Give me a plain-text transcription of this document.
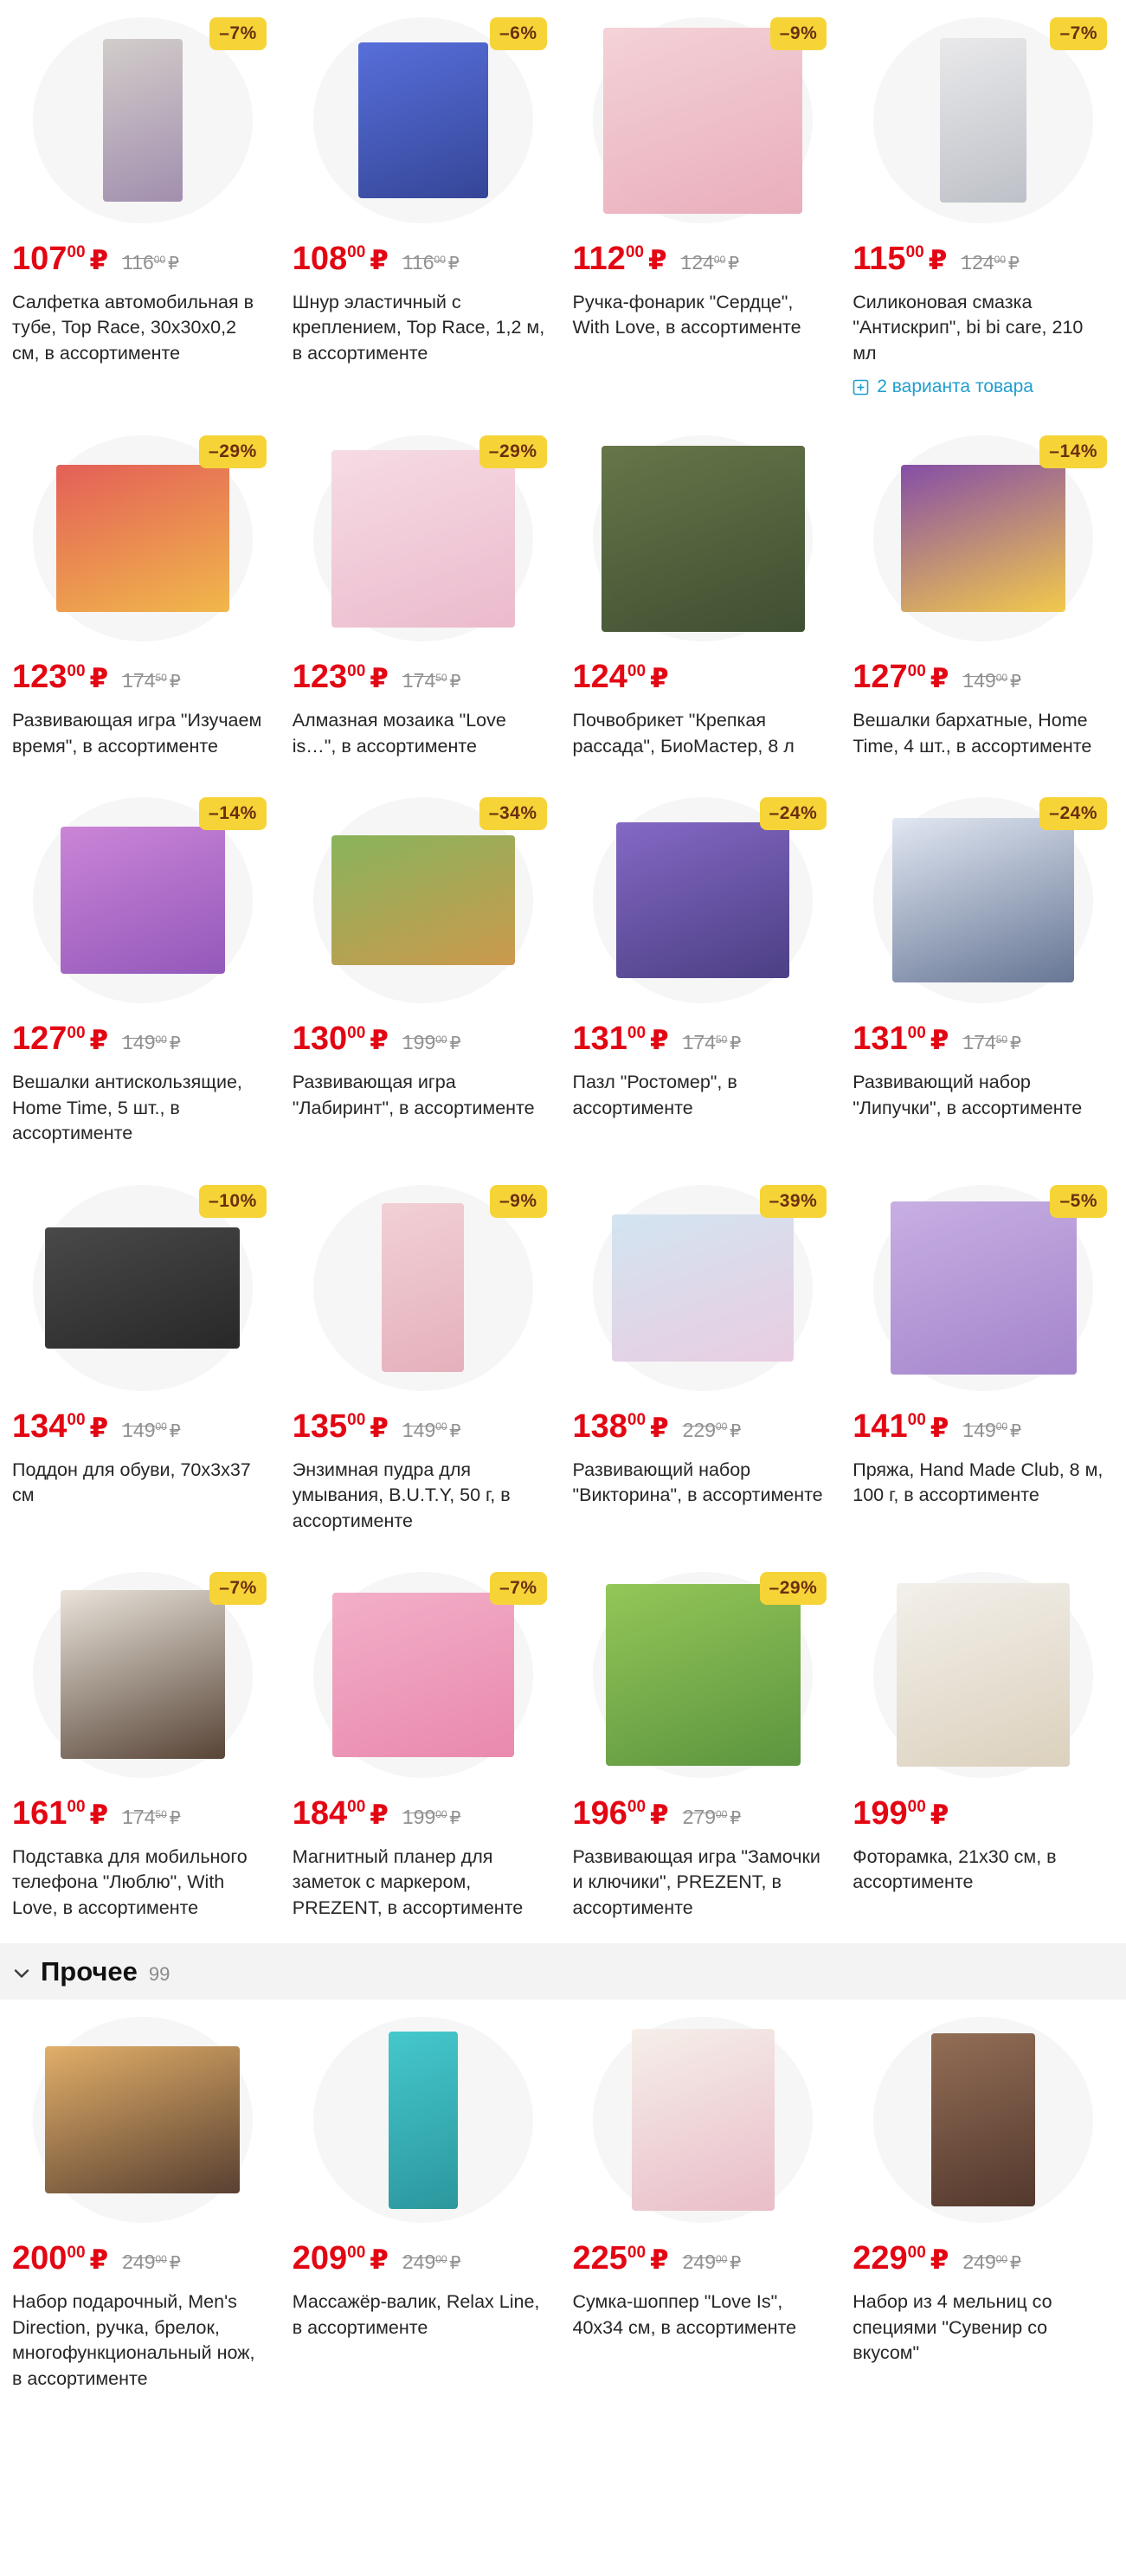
–7%
10700 ₽ $116^{00}$ ₽

Салфетка автомобильная в тубе, Top Race, 30x30x0,2 см, в ассортименте

–6%
10800 ₽ $116^{00}$ ₽

Шнур эластичный с креплением, Top Race, 1,2 м, в ассортименте

–9%
11200 ₽ $124^{00}$ ₽

Ручка-фонарик "Сердце", With Love, в ассортименте

–7%
11500 ₽ $124^{00}$ ₽

Силиконовая смазка "Антискрип", bi bi care, 210 мл

2 варианта товара
–29%
12300 ₽ $174^{50}$ ₽

Развивающая игра "Изучаем время", в ассортименте

–29%
12300 ₽ $174^{50}$ ₽

Алмазная мозаика "Love is…", в ассортименте

12400 ₽

Почвобрикет "Крепкая рассада", БиоМастер, 8 л

–14%
12700 ₽ $149^{00}$ ₽

Вешалки бархатные, Home Time, 4 шт., в ассортименте

–14%
12700 ₽ $149^{00}$ ₽

Вешалки антискользящие, Home Time, 5 шт., в ассортименте

–34%
13000 ₽ $199^{00}$ ₽

Развивающая игра "Лабиринт", в ассортименте

–24%
13100 ₽ $174^{50}$ ₽

Пазл "Ростомер", в ассортименте

–24%
13100 ₽ $174^{50}$ ₽

Развивающий набор "Липучки", в ассортименте

–10%
13400 ₽ $149^{00}$ ₽

Поддон для обуви, 70x3x37 см

–9%
13500 ₽ $149^{00}$ ₽

Энзимная пудра для умывания, B.U.T.Y, 50 г, в ассортименте

–39%
13800 ₽ $229^{00}$ ₽

Развивающий набор "Викторина", в ассортименте

–5%
14100 ₽ $149^{00}$ ₽

Пряжа, Hand Made Club, 8 м, 100 г, в ассортименте

–7%
16100 ₽ $174^{50}$ ₽

Подставка для мобильного телефона "Люблю", With Love, в ассортименте

–7%
18400 ₽ $199^{00}$ ₽

Магнитный планер для заметок с маркером, PREZENT, в ассортименте

–29%
19600 ₽ $279^{00}$ ₽

Развивающая игра "Замочки и ключики", PREZENT, в ассортименте

19900 ₽

Фоторамка, 21x30 см, в ассортименте

Прочее 99
20000 ₽ $249^{00}$ ₽

Набор подарочный, Men's Direction, ручка, брелок, многофункциональный нож, в ассортименте

20900 ₽ $249^{00}$ ₽

Массажёр-валик, Relax Line, в ассортименте

22500 ₽ $249^{00}$ ₽

Сумка-шоппер "Love Is", 40x34 см, в ассортименте

22900 ₽ $249^{00}$ ₽

Набор из 4 мельниц со специями "Сувенир со вкусом"
